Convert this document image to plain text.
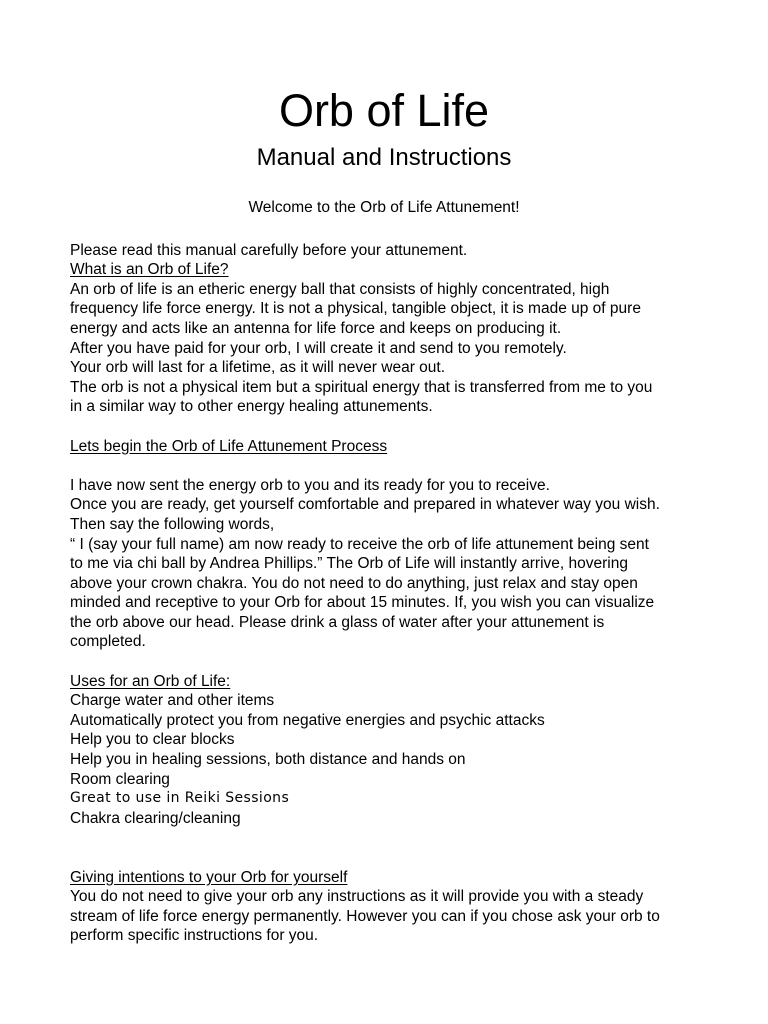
Orb of Life
Manual and Instructions
Welcome to the Orb of Life Attunement!
Please read this manual carefully before your attunement.
What is an Orb of Life?
An orb of life is an etheric energy ball that consists of highly concentrated, high
frequency life force energy. It is not a physical, tangible object, it is made up of pure
energy and acts like an antenna for life force and keeps on producing it.
After you have paid for your orb, I will create it and send to you remotely.
Your orb will last for a lifetime, as it will never wear out.
The orb is not a physical item but a spiritual energy that is transferred from me to you
in a similar way to other energy healing attunements.
Lets begin the Orb of Life Attunement Process
I have now sent the energy orb to you and its ready for you to receive.
Once you are ready, get yourself comfortable and prepared in whatever way you wish.
Then say the following words,
“ I (say your full name) am now ready to receive the orb of life attunement being sent
to me via chi ball by Andrea Phillips.” The Orb of Life will instantly arrive, hovering
above your crown chakra. You do not need to do anything, just relax and stay open
minded and receptive to your Orb for about 15 minutes. If, you wish you can visualize
the orb above our head. Please drink a glass of water after your attunement is
completed.
Uses for an Orb of Life:
Charge water and other items
Automatically protect you from negative energies and psychic attacks
Help you to clear blocks
Help you in healing sessions, both distance and hands on
Room clearing
Great to use in Reiki Sessions
Chakra clearing/cleaning
Giving intentions to your Orb for yourself
You do not need to give your orb any instructions as it will provide you with a steady
stream of life force energy permanently. However you can if you chose ask your orb to
perform specific instructions for you.
